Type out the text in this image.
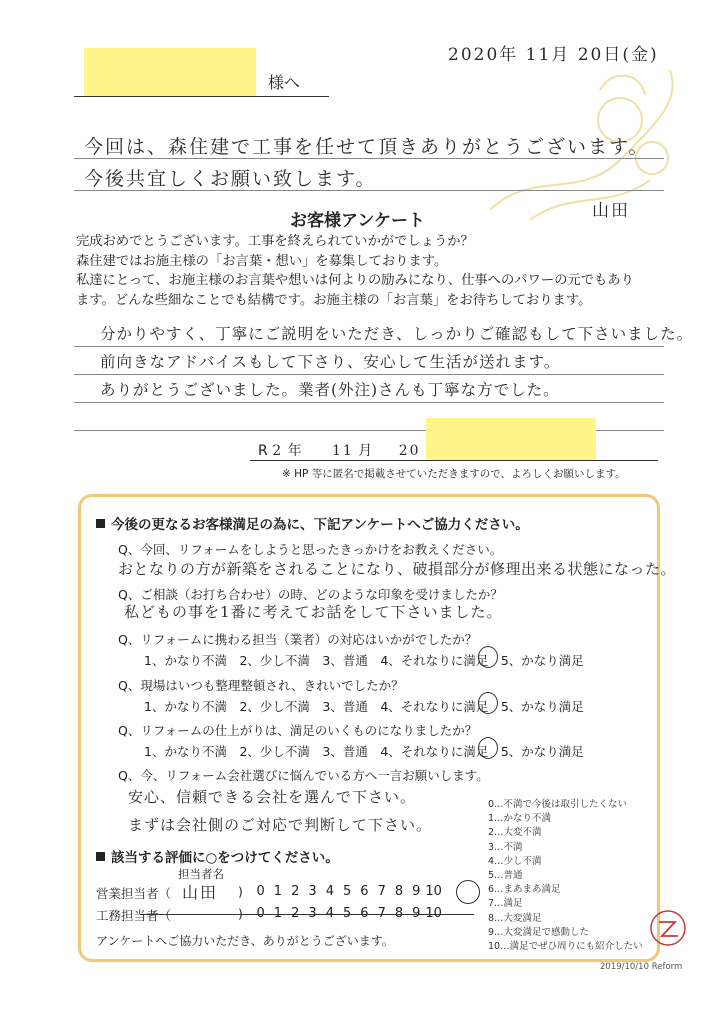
2020年 11月 20日(金)
様へ
今回は、森住建で工事を任せて頂きありがとうございます。
今後共宜しくお願い致します。
山田
お客様アンケート
完成おめでとうございます。工事を終えられていかがでしょうか？
森住建ではお施主様の「お言葉・想い」を募集しております。
私達にとって、お施主様のお言葉や想いは何よりの励みになり、仕事へのパワーの元でもあり
ます。どんな些細なことでも結構です。お施主様の「お言葉」をお待ちしております。
分かりやすく、丁寧にご説明をいただき、しっかりご確認もして下さいました。
前向きなアドバイスもして下さり、安心して生活が送れます。
ありがとうございました。業者(外注)さんも丁寧な方でした。
R 2 年 11 月 20
※ HP 等に匿名で掲載させていただきますので、よろしくお願いします。
今後の更なるお客様満足の為に、下記アンケートへご協力ください。
Q、今回、リフォームをしようと思ったきっかけをお教えください。
おとなりの方が新築をされることになり、破損部分が修理出来る状態になった。
Q、ご相談（お打ち合わせ）の時、どのような印象を受けましたか？
私どもの事を1番に考えてお話をして下さいました。
Q、リフォームに携わる担当（業者）の対応はいかがでしたか？
1、かなり不満　2、少し不満　3、普通　4、それなりに満足　5、かなり満足
Q、現場はいつも整理整頓され、きれいでしたか？
1、かなり不満　2、少し不満　3、普通　4、それなりに満足　5、かなり満足
Q、リフォームの仕上がりは、満足のいくものになりましたか？
1、かなり不満　2、少し不満　3、普通　4、それなりに満足　5、かなり満足
Q、今、リフォーム会社選びに悩んでいる方へ一言お願いします。
安心、信頼できる会社を選んで下さい。
まずは会社側のご対応で判断して下さい。
0…不満で今後は取引したくない
1…かなり不満
2…大変不満
3…不満
4…少し不満
5…普通
6…まあまあ満足
7…満足
8…大変満足
9…大変満足で感動した
10…満足でぜひ周りにも紹介したい
該当する評価に○をつけてください。
担当者名
営業担当者（ 山田 )	0 1 2 3 4 5 6 7 8 9 10
工務担当者（	)	0 1 2 3 4 5 6 7 8 9 10
アンケートへご協力いただき、ありがとうございます。
2019/10/10 Reform
